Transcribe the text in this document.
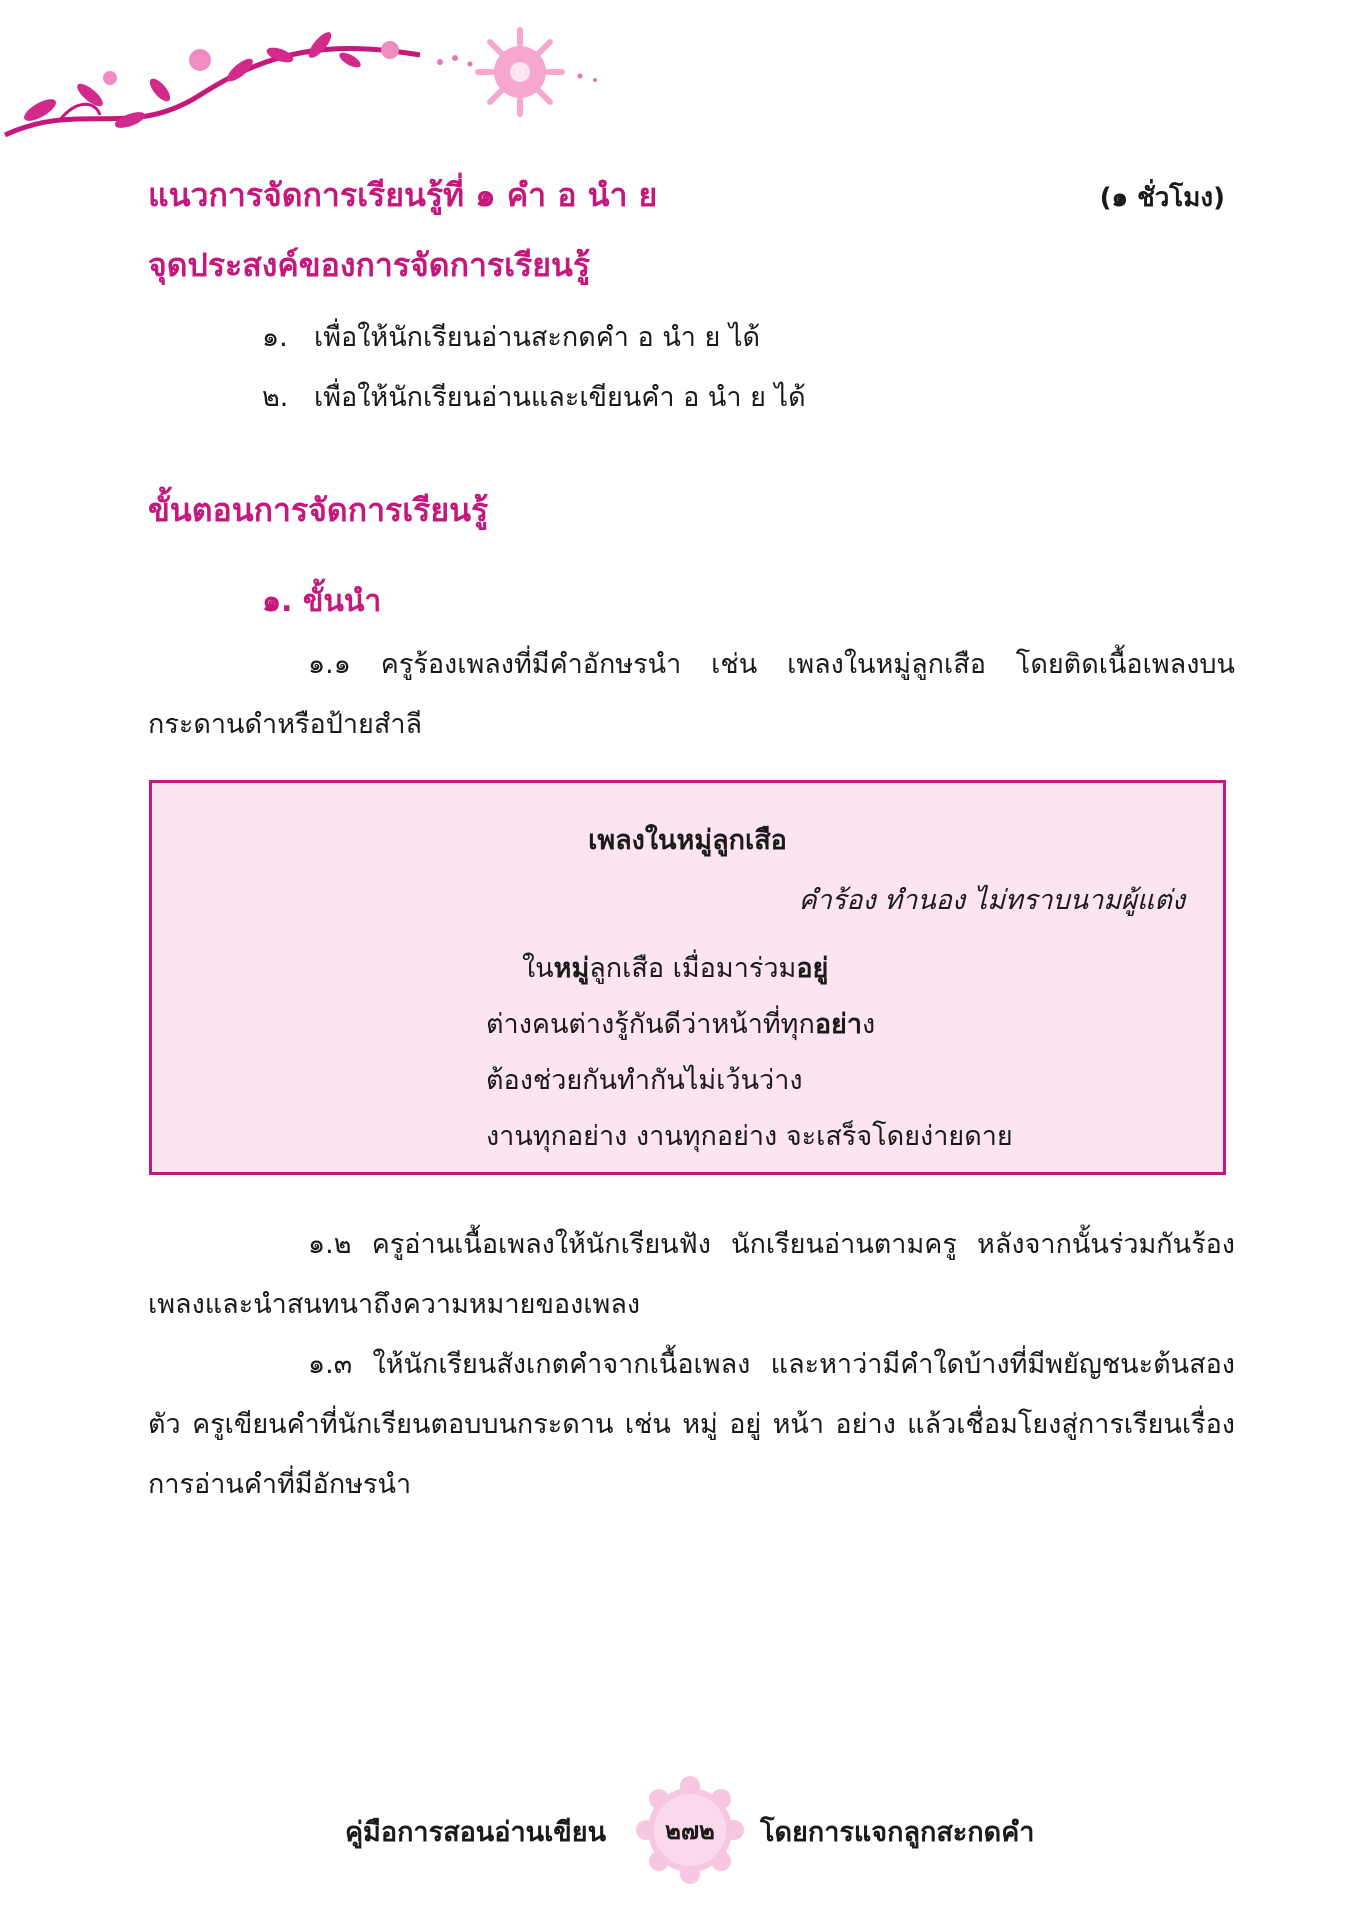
แนวการจัดการเรียนรู้ที่ ๑ คำ อ นำ ย	(๑ ชั่วโมง)
จุดประสงค์ของการจัดการเรียนรู้
๑. เพื่อให้นักเรียนอ่านสะกดคำ อ นำ ย ได้
๒. เพื่อให้นักเรียนอ่านและเขียนคำ อ นำ ย ได้
ขั้นตอนการจัดการเรียนรู้
๑. ขั้นนำ
๑.๑ ครูร้องเพลงที่มีคำอักษรนำ เช่น เพลงในหมู่ลูกเสือ โดยติดเนื้อเพลงบนกระดานดำหรือป้ายสำลี
เพลงในหมู่ลูกเสือ
คำร้อง ทำนอง ไม่ทราบนามผู้แต่ง
ในหมู่ลูกเสือ เมื่อมาร่วมอยู่
ต่างคนต่างรู้กันดีว่าหน้าที่ทุกอย่าง
ต้องช่วยกันทำกันไม่เว้นว่าง
งานทุกอย่าง งานทุกอย่าง จะเสร็จโดยง่ายดาย
๑.๒ ครูอ่านเนื้อเพลงให้นักเรียนฟัง นักเรียนอ่านตามครู หลังจากนั้นร่วมกันร้องเพลงและนำสนทนาถึงความหมายของเพลง
๑.๓ ให้นักเรียนสังเกตคำจากเนื้อเพลง และหาว่ามีคำใดบ้างที่มีพยัญชนะต้นสองตัว ครูเขียนคำที่นักเรียนตอบบนกระดาน เช่น หมู่ อยู่ หน้า อย่าง แล้วเชื่อมโยงสู่การเรียนเรื่องการอ่านคำที่มีอักษรนำ
คู่มือการสอนอ่านเขียน	๒๗๒	โดยการแจกลูกสะกดคำ
